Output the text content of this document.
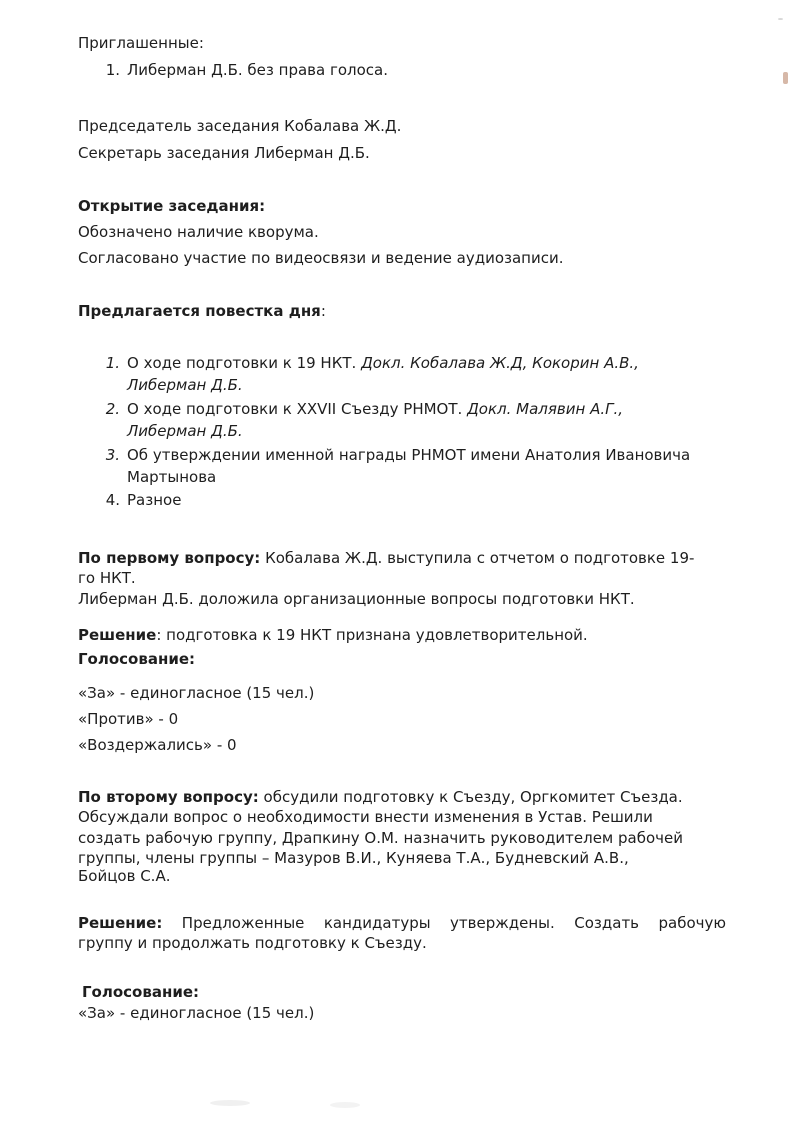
Приглашенные:
1. Либерман Д.Б. без права голоса.
Председатель заседания Кобалава Ж.Д.
Секретарь заседания Либерман Д.Б.
Открытие заседания:
Обозначено наличие кворума.
Согласовано участие по видеосвязи и ведение аудиозаписи.
Предлагается повестка дня:
1. О ходе подготовки к 19 НКТ. Докл. Кобалава Ж.Д, Кокорин А.В.,
Либерман Д.Б.
2. О ходе подготовки к XXVII Съезду РНМОТ. Докл. Малявин А.Г.,
Либерман Д.Б.
3. Об утверждении именной награды РНМОТ имени Анатолия Ивановича
Мартынова
4. Разное
По первому вопросу: Кобалава Ж.Д. выступила с отчетом о подготовке 19-
го НКТ.
Либерман Д.Б. доложила организационные вопросы подготовки НКТ.
Решение: подготовка к 19 НКТ признана удовлетворительной.
Голосование:
«За» - единогласное (15 чел.)
«Против» - 0
«Воздержались» - 0
По второму вопросу: обсудили подготовку к Съезду, Оргкомитет Съезда.
Обсуждали вопрос о необходимости внести изменения в Устав. Решили
создать рабочую группу, Драпкину О.М. назначить руководителем рабочей
группы, члены группы – Мазуров В.И., Куняева Т.А., Будневский А.В.,
Бойцов С.А.
Решение: Предложенные кандидатуры утверждены. Создать рабочую
группу и продолжать подготовку к Съезду.
Голосование:
«За» - единогласное (15 чел.)
